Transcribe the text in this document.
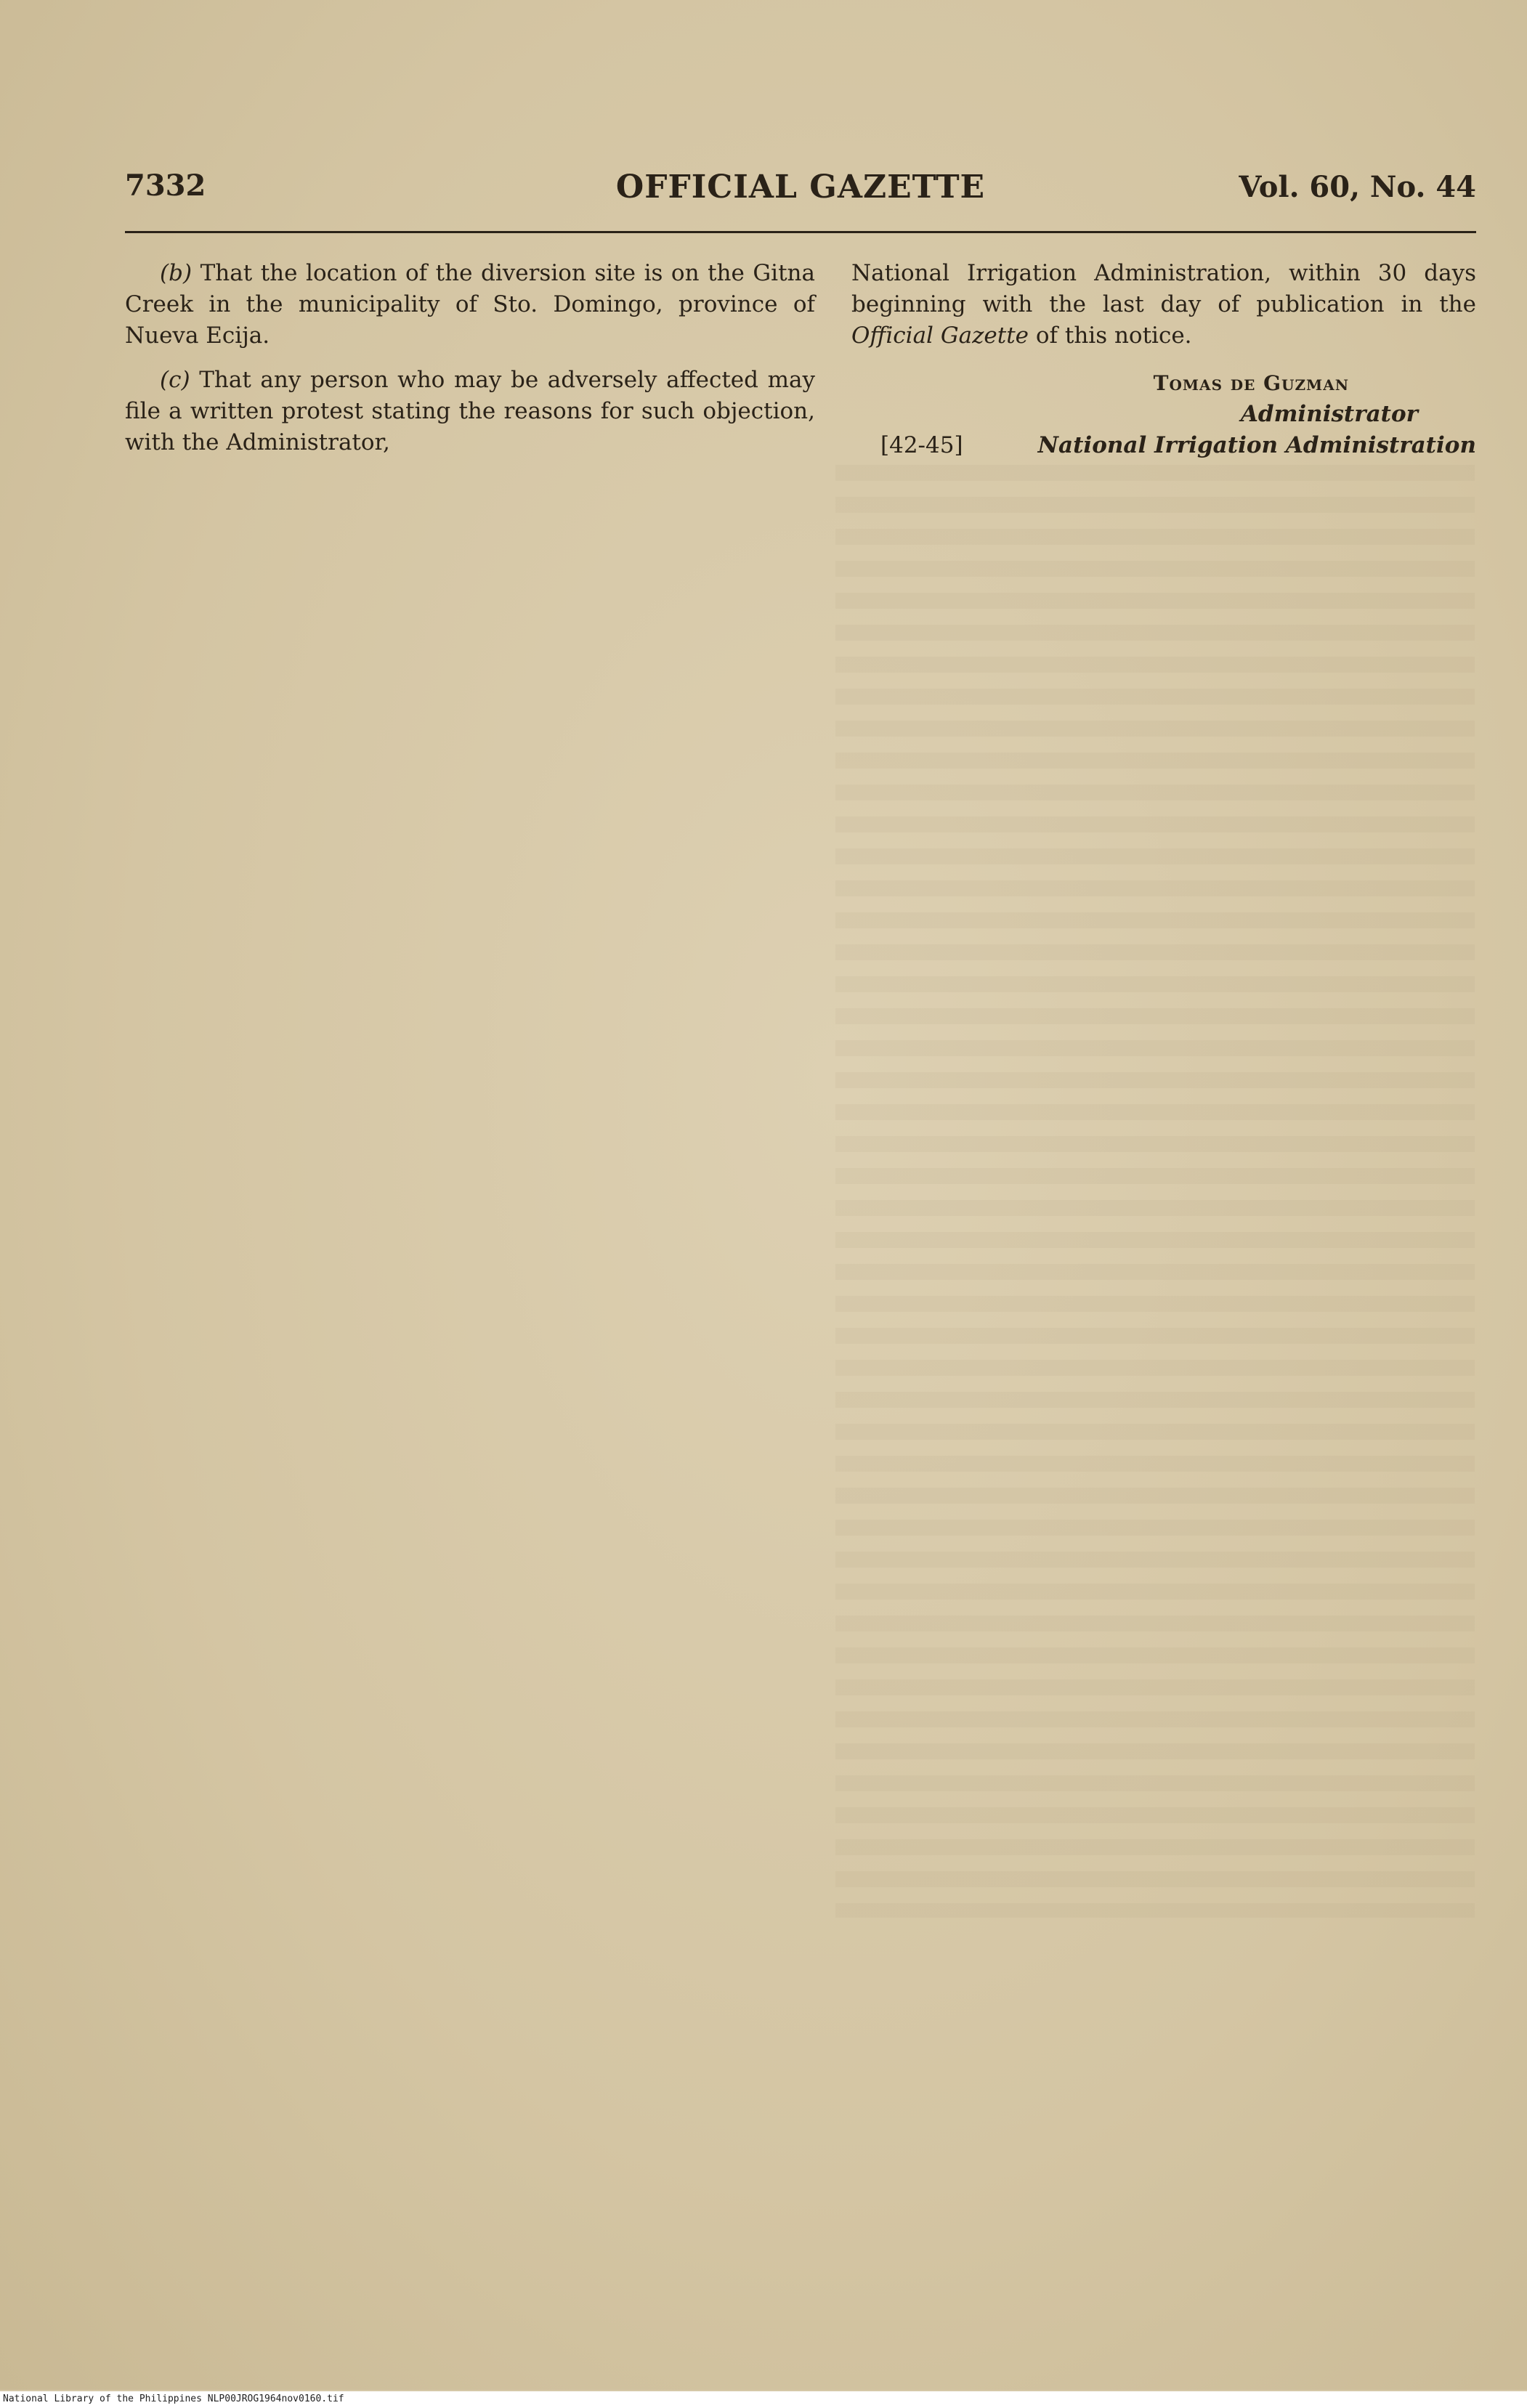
7332	OFFICIAL GAZETTE	Vol. 60, No. 44

(b) That the location of the diversion site is on the Gitna Creek in the municipality of Sto. Domingo, province of Nueva Ecija.

(c) That any person who may be adversely affected may file a written protest stating the reasons for such objection, with the Administrator,

National Irrigation Administration, within 30 days beginning with the last day of publication in the Official Gazette of this notice.

Tomas de Guzman
Administrator
[42-45]	National Irrigation Administration
National Library of the Philippines NLP00JROG1964nov0160.tif
